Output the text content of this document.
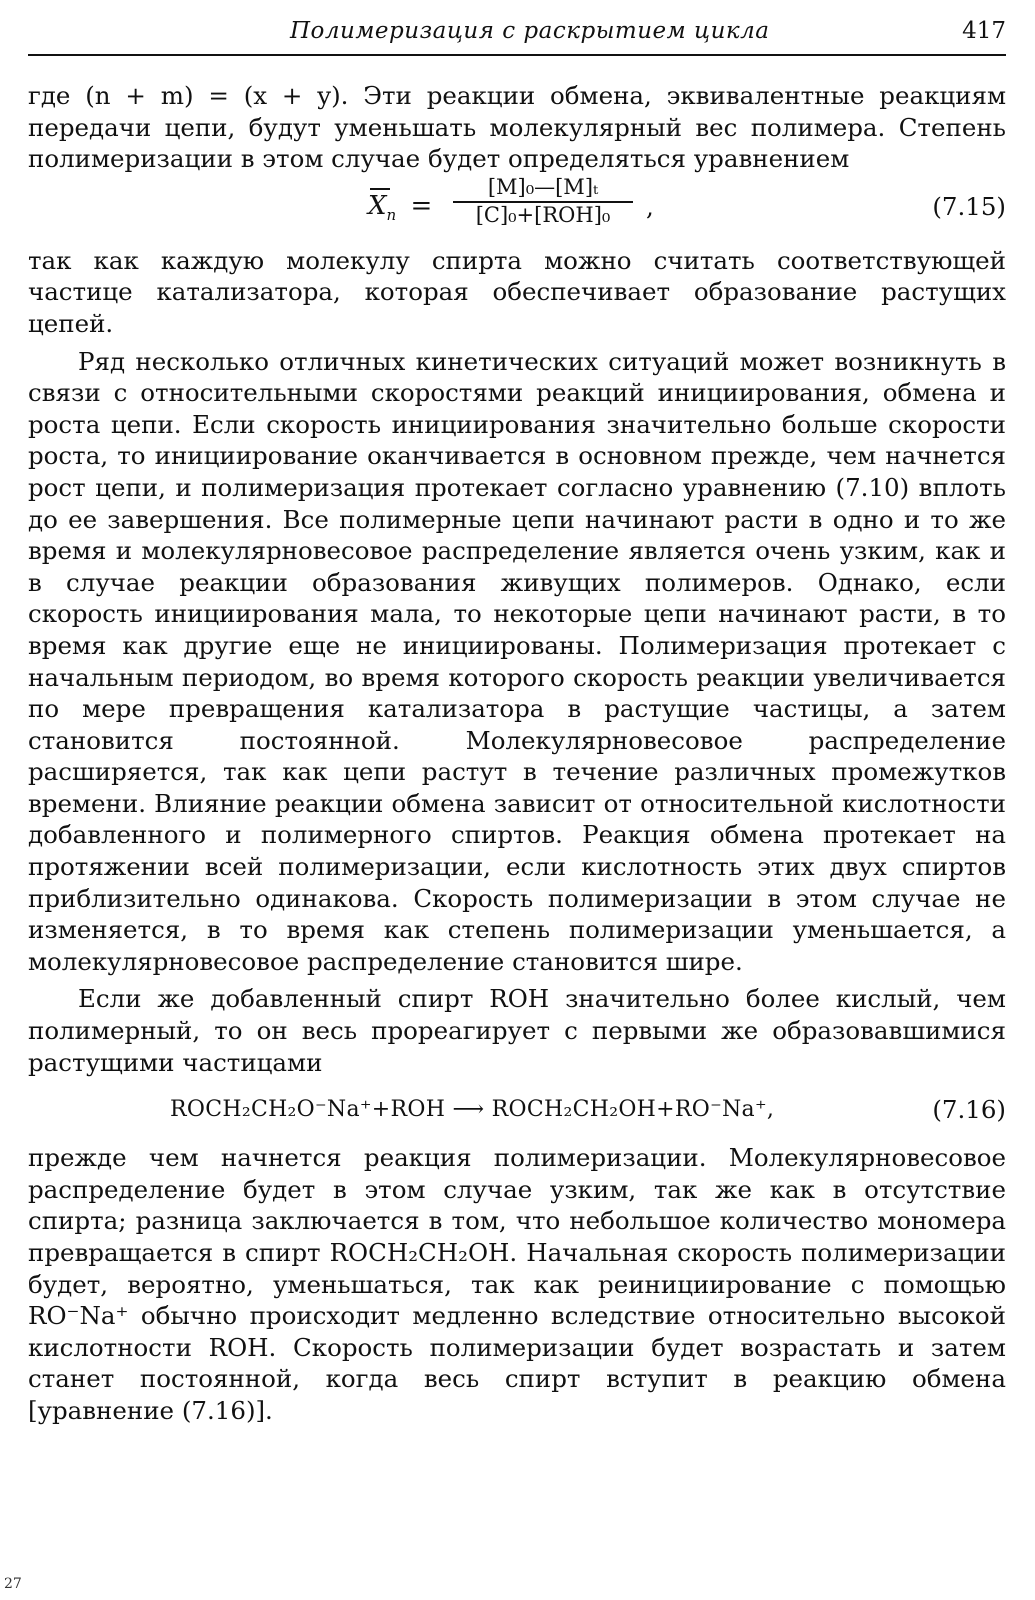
Полимеризация с раскрытием цикла	417

где (n + m) = (x + y). Эти реакции обмена, эквивалентные реакциям передачи цепи, будут уменьшать молекулярный вес полимера. Степень полимеризации в этом случае будет определяться уравнением

$X_n$ =
[M]₀—[M]ₜ
[C]₀+[ROH]₀	,	(7.15)

так как каждую молекулу спирта можно считать соответствующей частице катализатора, которая обеспечивает образование растущих цепей.

Ряд несколько отличных кинетических ситуаций может возникнуть в связи с относительными скоростями реакций инициирования, обмена и роста цепи. Если скорость инициирования значительно больше скорости роста, то инициирование оканчивается в основном прежде, чем начнется рост цепи, и полимеризация протекает согласно уравнению (7.10) вплоть до ее завершения. Все полимерные цепи начинают расти в одно и то же время и молекулярновесовое распределение является очень узким, как и в случае реакции образования живущих полимеров. Однако, если скорость инициирования мала, то некоторые цепи начинают расти, в то время как другие еще не инициированы. Полимеризация протекает с начальным периодом, во время которого скорость реакции увеличивается по мере превращения катализатора в растущие частицы, а затем становится постоянной. Молекулярновесовое распределение расширяется, так как цепи растут в течение различных промежутков времени. Влияние реакции обмена зависит от относительной кислотности добавленного и полимерного спиртов. Реакция обмена протекает на протяжении всей полимеризации, если кислотность этих двух спиртов приблизительно одинакова. Скорость полимеризации в этом случае не изменяется, в то время как степень полимеризации уменьшается, а молекулярновесовое распределение становится шире.

Если же добавленный спирт ROH значительно более кислый, чем полимерный, то он весь прореагирует с первыми же образовавшимися растущими частицами

ROCH₂CH₂O⁻Na⁺+ROH ⟶ ROCH₂CH₂OH+RO⁻Na⁺,	(7.16)

прежде чем начнется реакция полимеризации. Молекулярновесовое распределение будет в этом случае узким, так же как в отсутствие спирта; разница заключается в том, что небольшое количество мономера превращается в спирт ROCH₂CH₂OH. Начальная скорость полимеризации будет, вероятно, уменьшаться, так как реинициирование с помощью RO⁻Na⁺ обычно происходит медленно вследствие относительно высокой кислотности ROH. Скорость полимеризации будет возрастать и затем станет постоянной, когда весь спирт вступит в реакцию обмена [уравнение (7.16)].

27
